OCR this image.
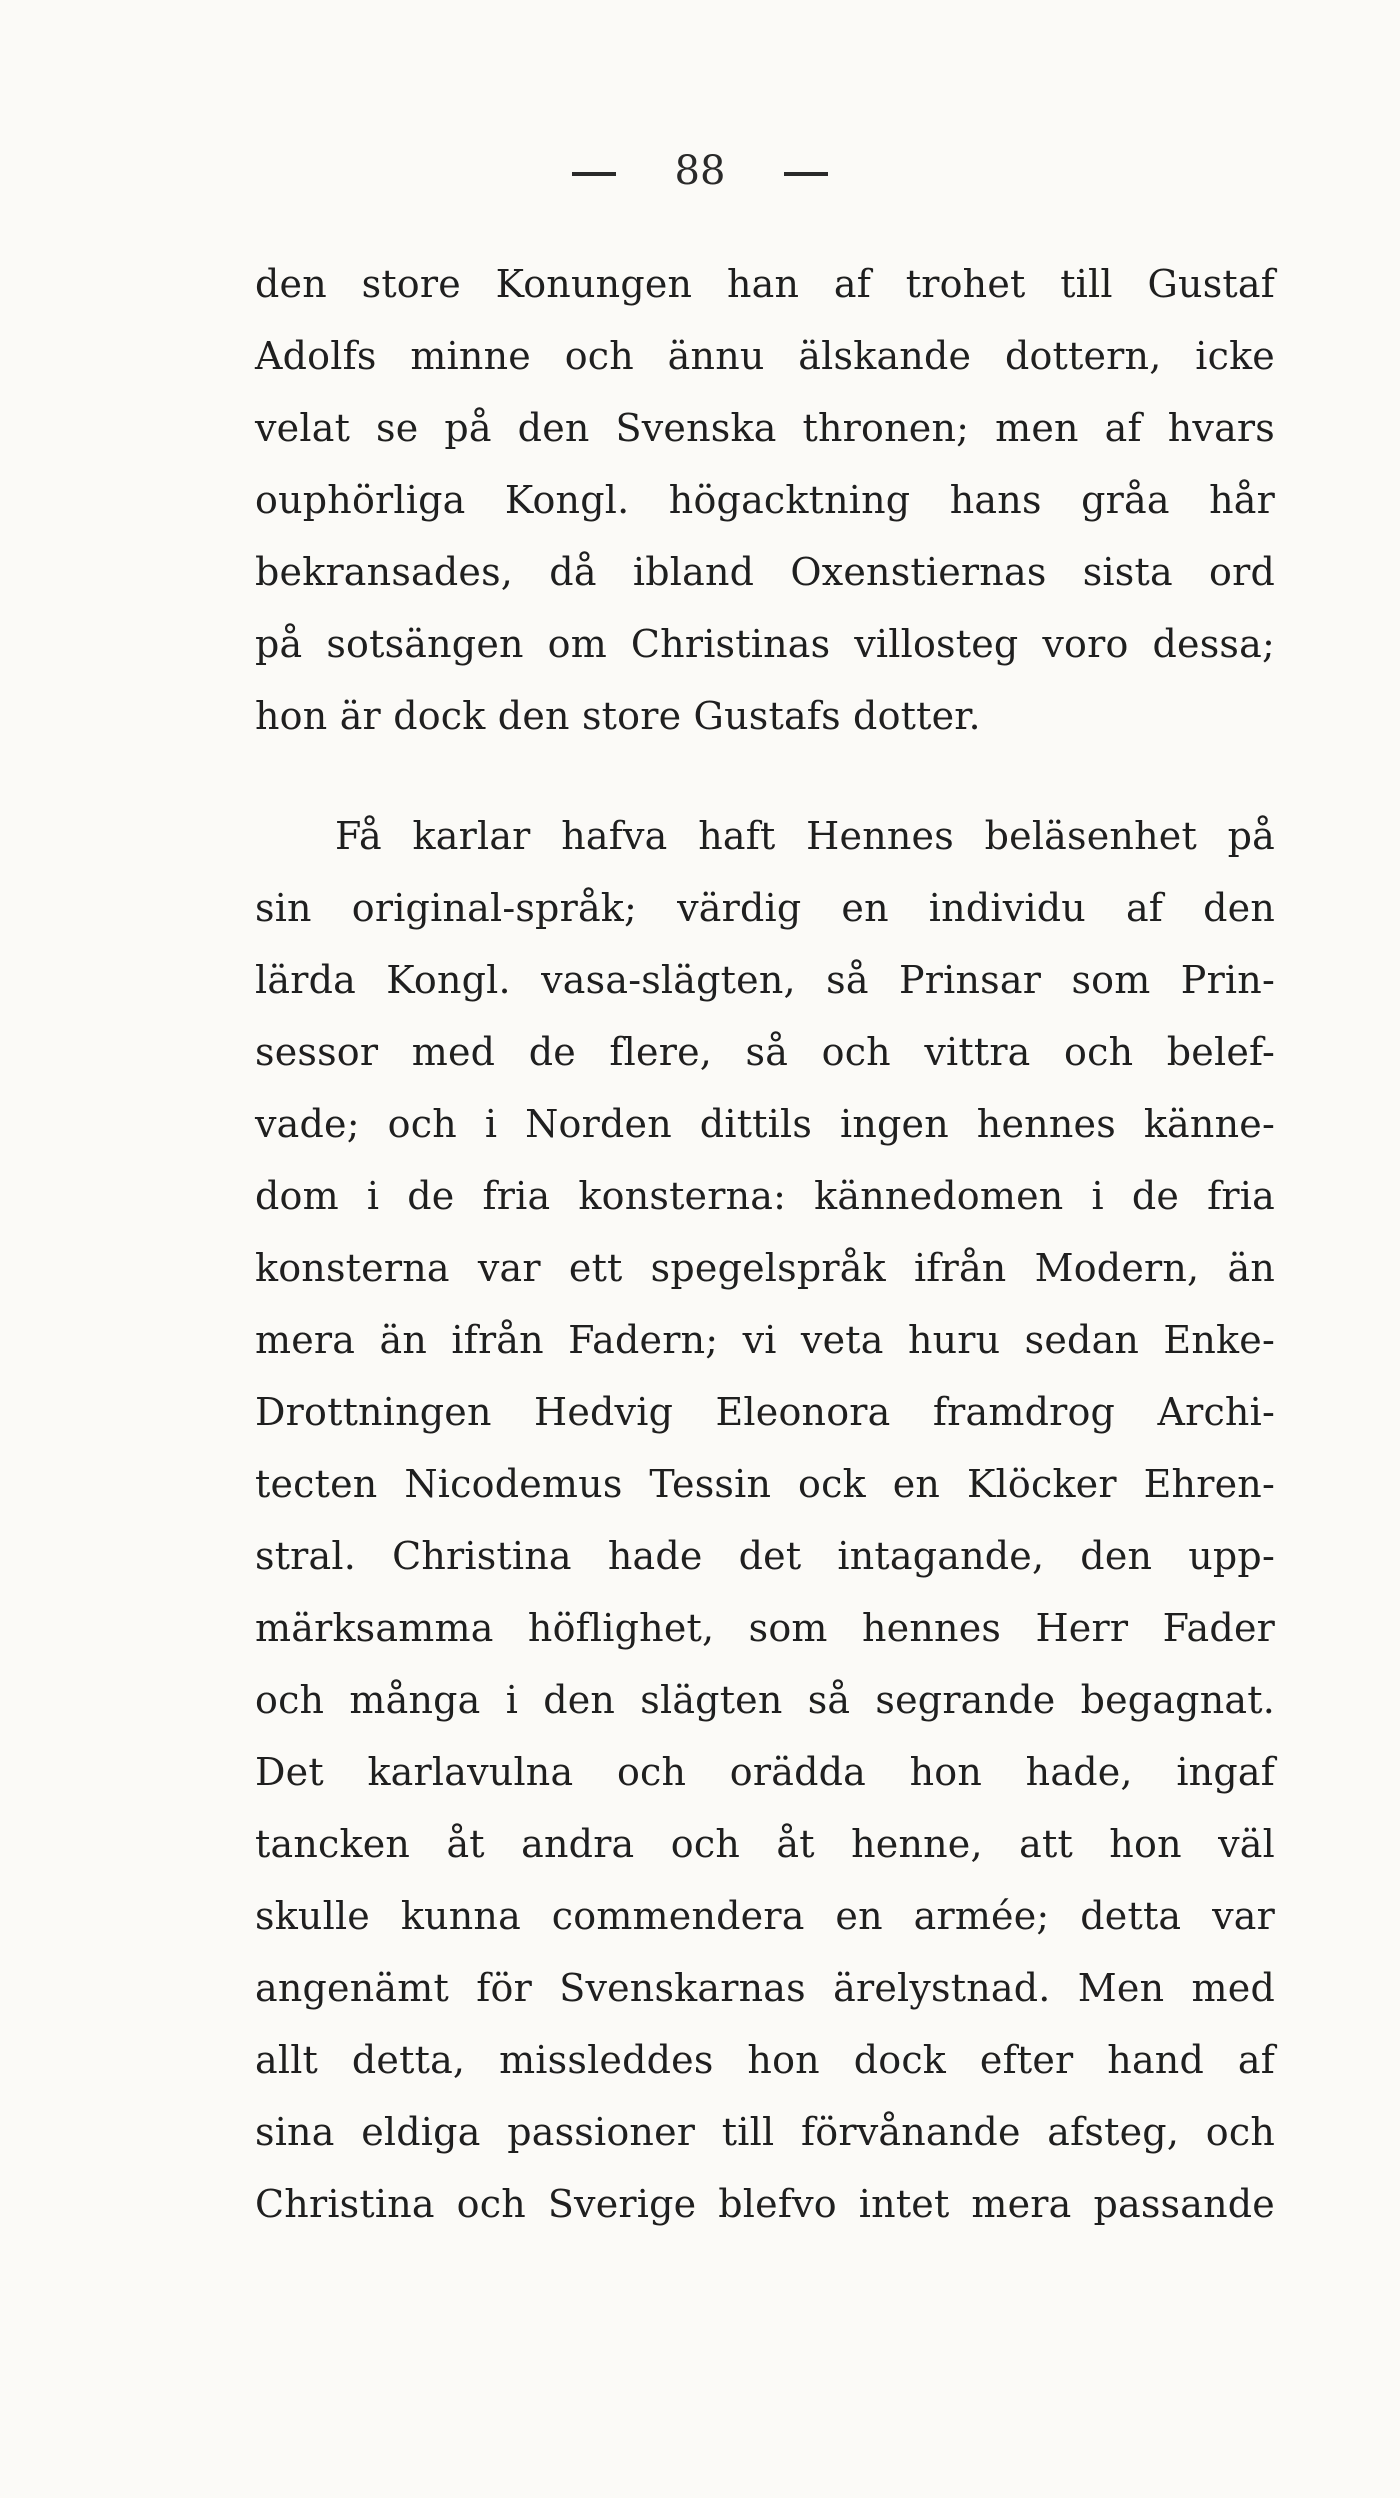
88
den store Konungen han af trohet till Gustaf
Adolfs minne och ännu älskande dottern, icke
velat se på den Svenska thronen; men af hvars
ouphörliga Kongl. högacktning hans gråa hår
bekransades, då ibland Oxenstiernas sista ord
på sotsängen om Christinas villosteg voro dessa;
hon är dock den store Gustafs dotter.
Få karlar hafva haft Hennes beläsenhet på
sin original-språk; värdig en individu af den
lärda Kongl. vasa-slägten, så Prinsar som Prin-
sessor med de flere, så och vittra och belef-
vade; och i Norden dittils ingen hennes känne-
dom i de fria konsterna: kännedomen i de fria
konsterna var ett spegelspråk ifrån Modern, än
mera än ifrån Fadern; vi veta huru sedan Enke-
Drottningen Hedvig Eleonora framdrog Archi-
tecten Nicodemus Tessin ock en Klöcker Ehren-
stral. Christina hade det intagande, den upp-
märksamma höflighet, som hennes Herr Fader
och många i den slägten så segrande begagnat.
Det karlavulna och orädda hon hade, ingaf
tancken åt andra och åt henne, att hon väl
skulle kunna commendera en armée; detta var
angenämt för Svenskarnas ärelystnad. Men med
allt detta, missleddes hon dock efter hand af
sina eldiga passioner till förvånande afsteg, och
Christina och Sverige blefvo intet mera passande
